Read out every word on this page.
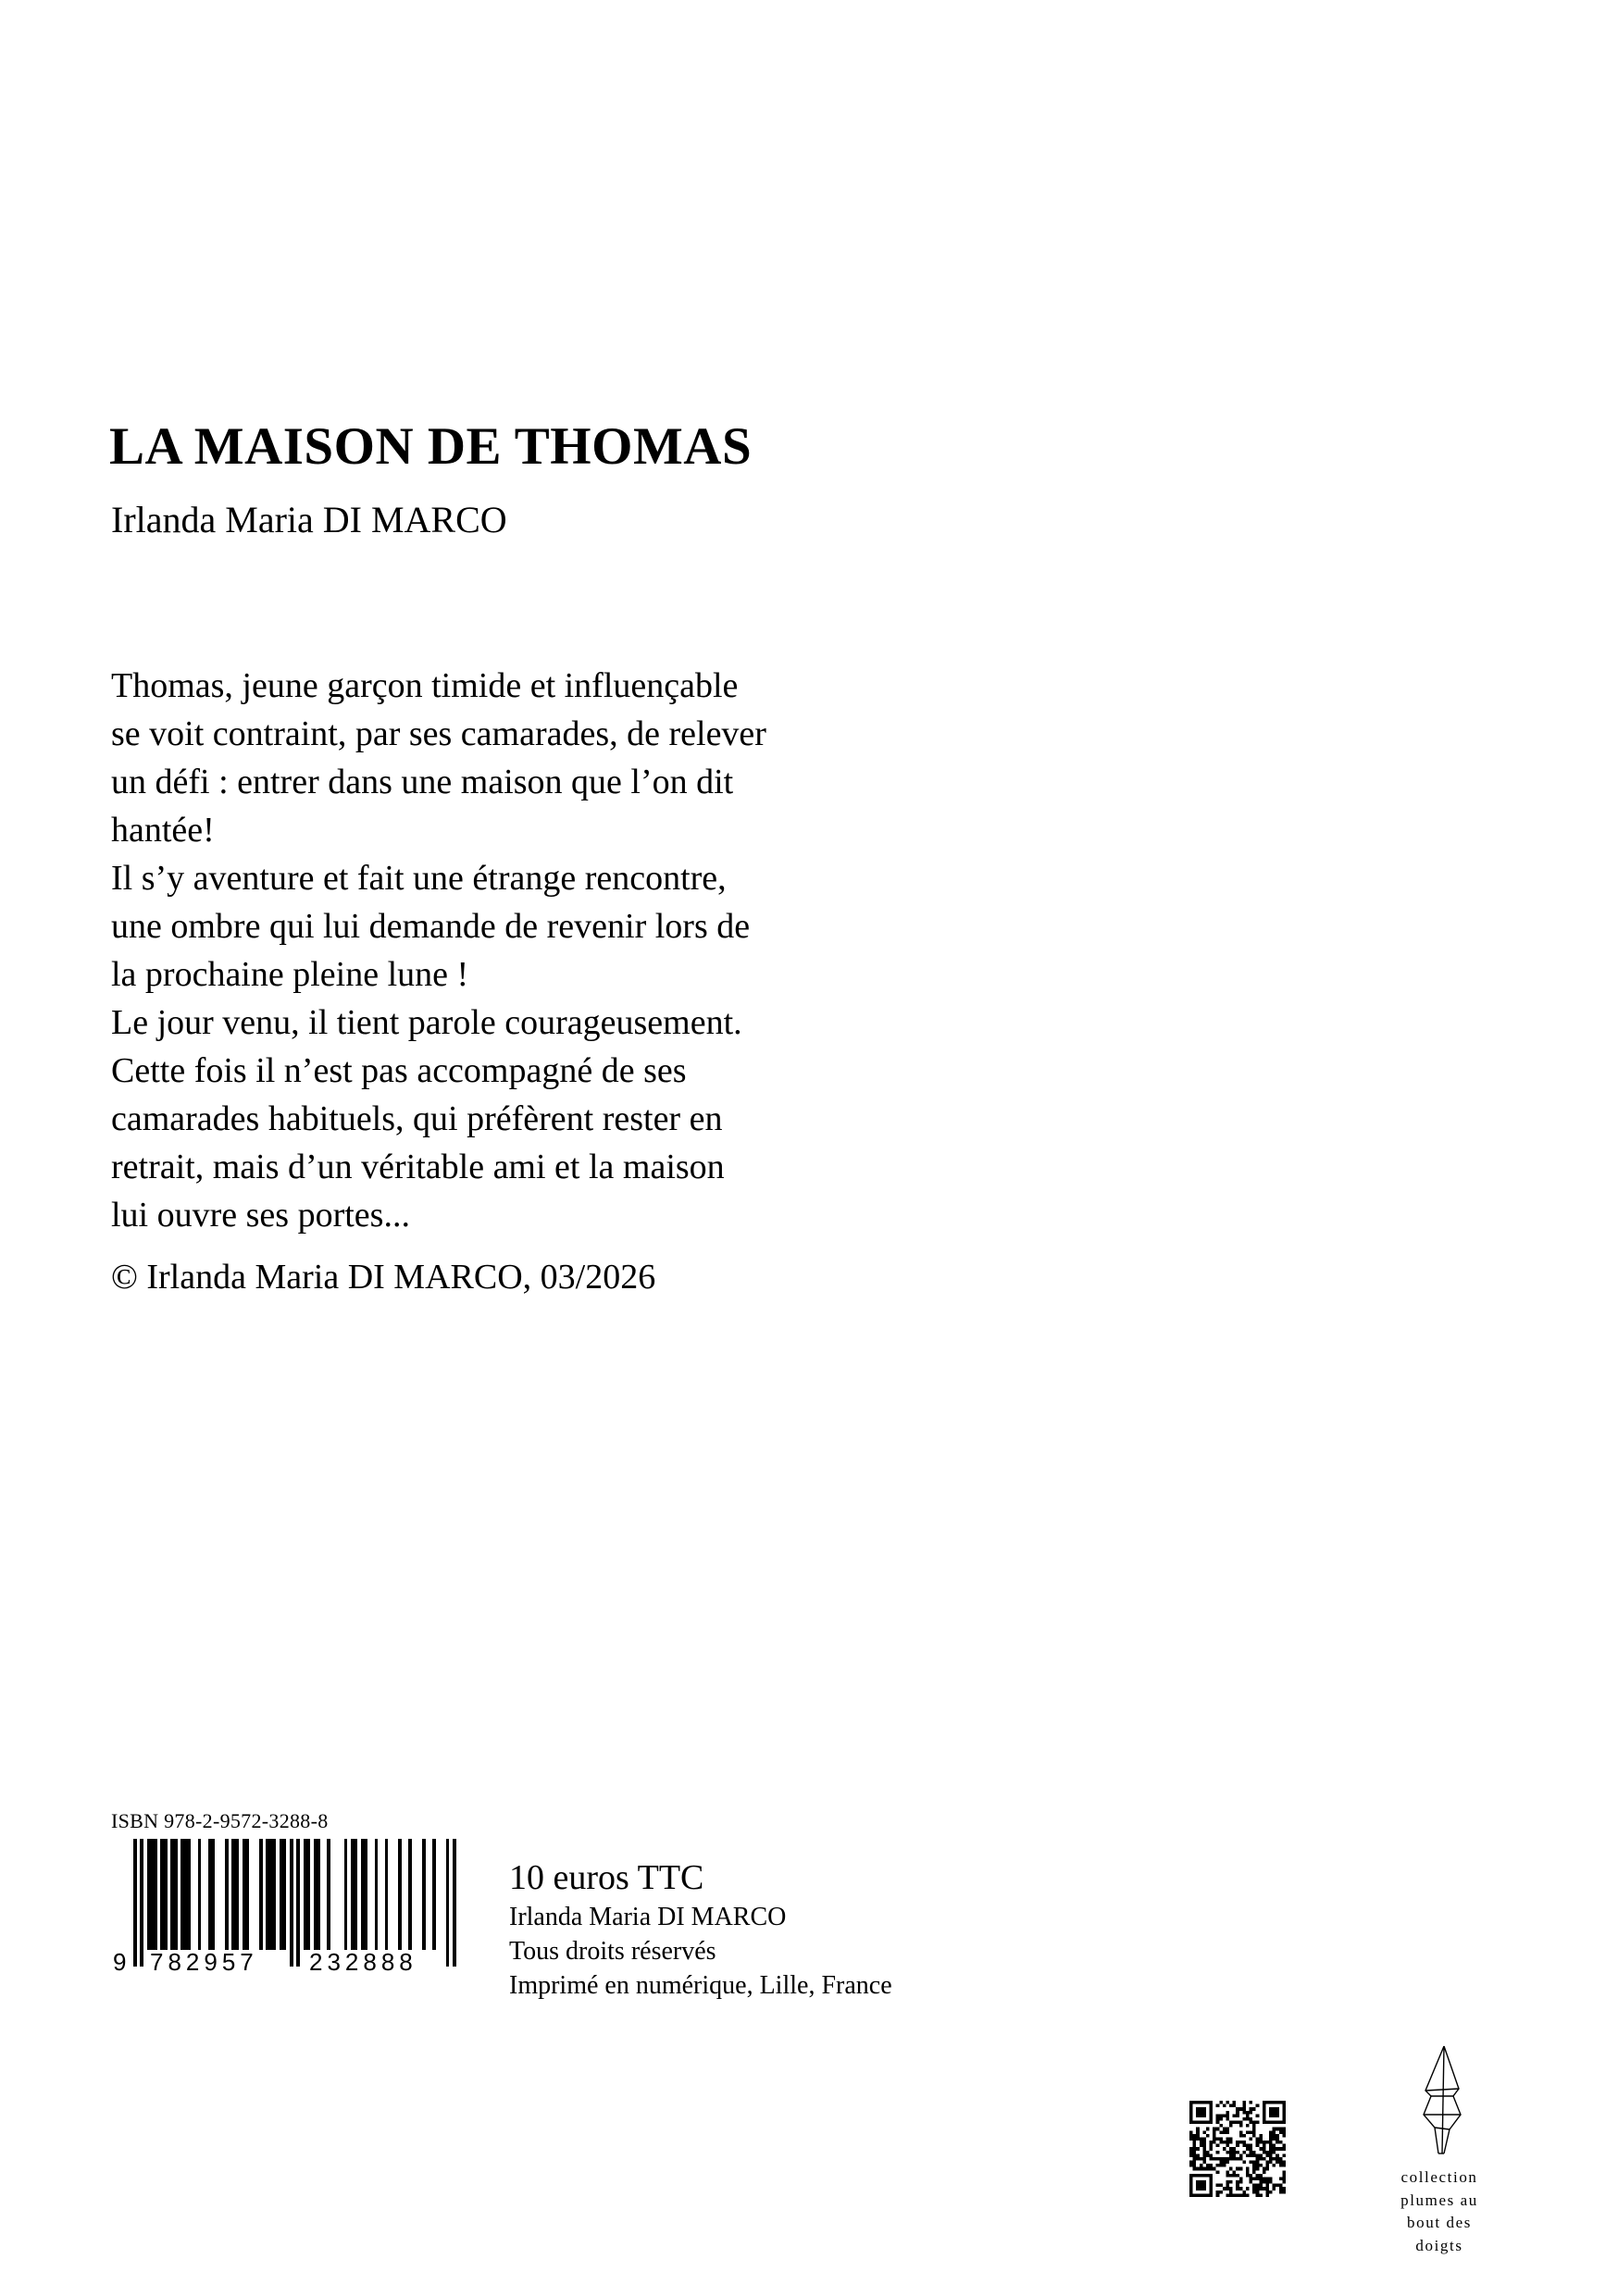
LA MAISON DE THOMAS
Irlanda Maria DI MARCO

Thomas, jeune garçon timide et influençable

se voit contraint, par ses camarades, de relever

un défi : entrer dans une maison que l’on dit

hantée!

Il s’y aventure et fait une étrange rencontre,

une ombre qui lui demande de revenir lors de

la prochaine pleine lune !

Le jour venu, il tient parole courageusement.

Cette fois il n’est pas accompagné de ses

camarades habituels, qui préfèrent rester en

retrait, mais d’un véritable ami et la maison

lui ouvre ses portes...

© Irlanda Maria DI MARCO, 03/2026
ISBN 978-2-9572-3288-8
9 782957 232888
10 euros TTC
Irlanda Maria DI MARCO
Tous droits réservés
Imprimé en numérique, Lille, France
collection
plumes au
bout des
doigts
